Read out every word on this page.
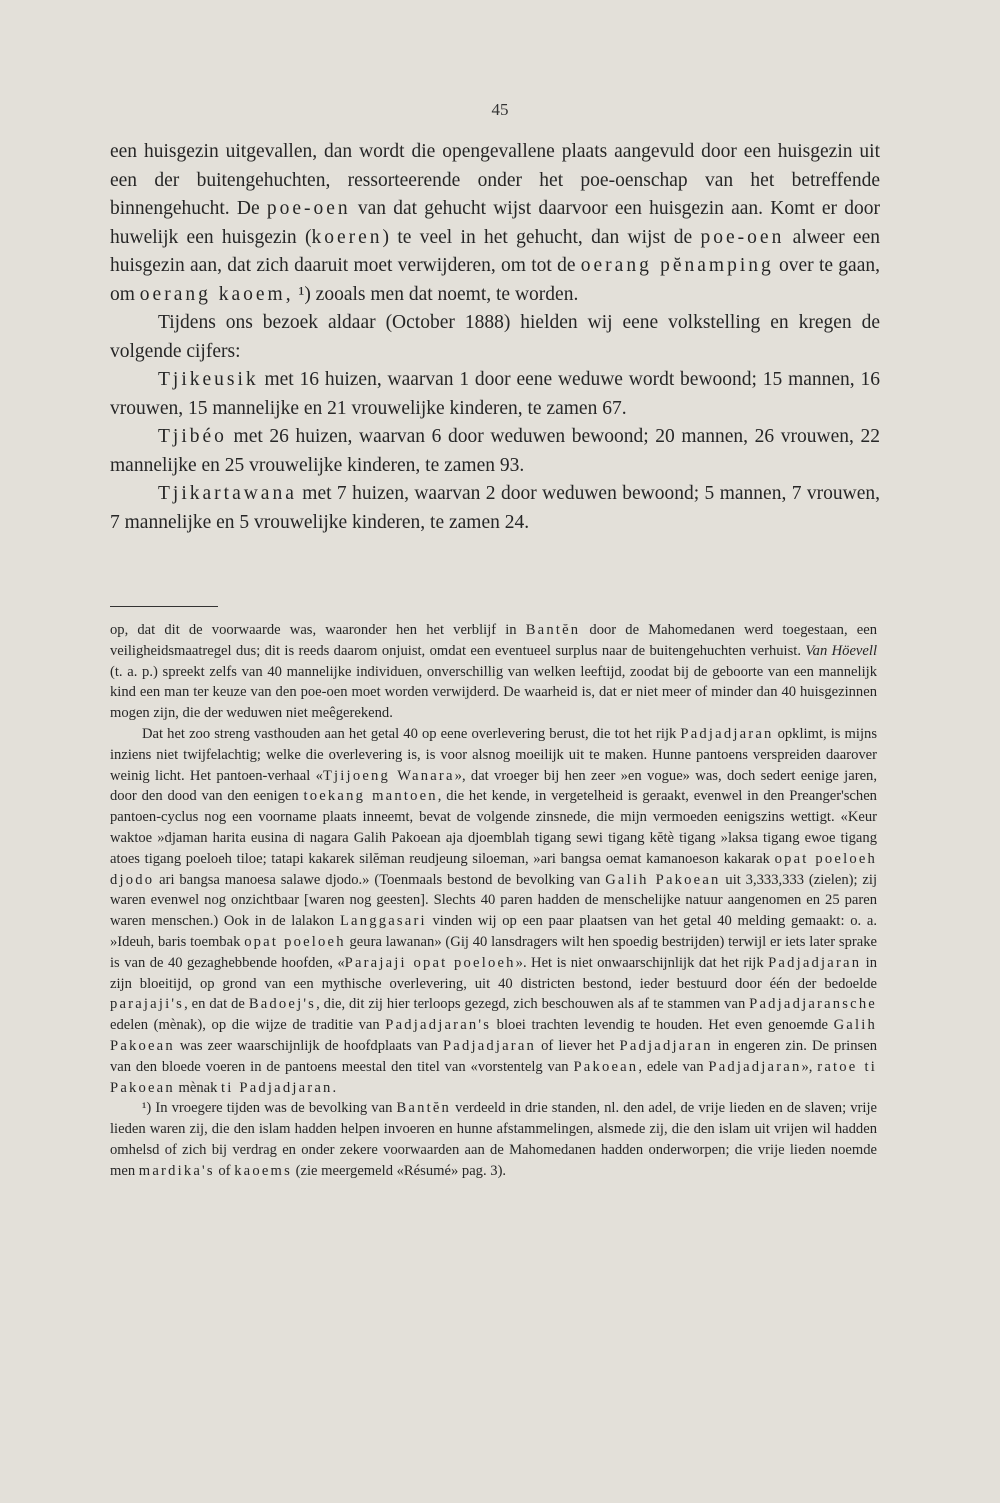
45

een huisgezin uitgevallen, dan wordt die opengevallene plaats aangevuld door een huisgezin uit een der buitengehuchten, ressorteerende onder het poe-oenschap van het betreffende binnengehucht. De poe-oen van dat gehucht wijst daarvoor een huisgezin aan. Komt er door huwelijk een huisgezin (koeren) te veel in het gehucht, dan wijst de poe-oen alweer een huisgezin aan, dat zich daaruit moet verwijderen, om tot de oerang pĕnamping over te gaan, om oerang kaoem, ¹) zooals men dat noemt, te worden.

Tijdens ons bezoek aldaar (October 1888) hielden wij eene volkstelling en kregen de volgende cijfers:

Tjikeusik met 16 huizen, waarvan 1 door eene weduwe wordt bewoond; 15 mannen, 16 vrouwen, 15 mannelijke en 21 vrouwelijke kinderen, te zamen 67.

Tjibéo met 26 huizen, waarvan 6 door weduwen bewoond; 20 mannen, 26 vrouwen, 22 mannelijke en 25 vrouwelijke kinderen, te zamen 93.

Tjikartawana met 7 huizen, waarvan 2 door weduwen bewoond; 5 mannen, 7 vrouwen, 7 mannelijke en 5 vrouwelijke kinderen, te zamen 24.

op, dat dit de voorwaarde was, waaronder hen het verblijf in Bantĕn door de Mahomedanen werd toegestaan, een veiligheidsmaatregel dus; dit is reeds daarom onjuist, omdat een eventueel surplus naar de buitengehuchten verhuist. Van Höevell (t. a. p.) spreekt zelfs van 40 mannelijke individuen, onverschillig van welken leeftijd, zoodat bij de geboorte van een mannelijk kind een man ter keuze van den poe-oen moet worden verwijderd. De waarheid is, dat er niet meer of minder dan 40 huisgezinnen mogen zijn, die der weduwen niet meêgerekend.

Dat het zoo streng vasthouden aan het getal 40 op eene overlevering berust, die tot het rijk Padjadjaran opklimt, is mijns inziens niet twijfelachtig; welke die overlevering is, is voor alsnog moeilijk uit te maken. Hunne pantoens verspreiden daarover weinig licht. Het pantoen-verhaal «Tjijoeng Wanara», dat vroeger bij hen zeer »en vogue» was, doch sedert eenige jaren, door den dood van den eenigen toekang mantoen, die het kende, in vergetelheid is geraakt, evenwel in den Preanger'schen pantoen-cyclus nog een voorname plaats inneemt, bevat de volgende zinsnede, die mijn vermoeden eenigszins wettigt. «Keur waktoe »djaman harita eusina di nagara Galih Pakoean aja djoemblah tigang sewi tigang kĕtè tigang »laksa tigang ewoe tigang atoes tigang poeloeh tiloe; tatapi kakarek silĕman reudjeung siloeman, »ari bangsa oemat kamanoeson kakarak opat poeloeh djodo ari bangsa manoesa salawe djodo.» (Toenmaals bestond de bevolking van Galih Pakoean uit 3,333,333 (zielen); zij waren evenwel nog onzichtbaar [waren nog geesten]. Slechts 40 paren hadden de menschelijke natuur aangenomen en 25 paren waren menschen.) Ook in de lalakon Langgasari vinden wij op een paar plaatsen van het getal 40 melding gemaakt: o. a. »Ideuh, baris toembak opat poeloeh geura lawanan» (Gij 40 lansdragers wilt hen spoedig bestrijden) terwijl er iets later sprake is van de 40 gezaghebbende hoofden, «Parajaji opat poeloeh». Het is niet onwaarschijnlijk dat het rijk Padjadjaran in zijn bloeitijd, op grond van een mythische overlevering, uit 40 districten bestond, ieder bestuurd door één der bedoelde parajaji's, en dat de Badoej's, die, dit zij hier terloops gezegd, zich beschouwen als af te stammen van Padjadjaransche edelen (mènak), op die wijze de traditie van Padjadjaran's bloei trachten levendig te houden. Het even genoemde Galih Pakoean was zeer waarschijnlijk de hoofdplaats van Padjadjaran of liever het Padjadjaran in engeren zin. De prinsen van den bloede voeren in de pantoens meestal den titel van «vorstentelg van Pakoean, edele van Padjadjaran», ratoe ti Pakoean mènak ti Padjadjaran.

¹) In vroegere tijden was de bevolking van Bantĕn verdeeld in drie standen, nl. den adel, de vrije lieden en de slaven; vrije lieden waren zij, die den islam hadden helpen invoeren en hunne afstammelingen, alsmede zij, die den islam uit vrijen wil hadden omhelsd of zich bij verdrag en onder zekere voorwaarden aan de Mahomedanen hadden onderworpen; die vrije lieden noemde men mardika's of kaoems (zie meergemeld «Résumé» pag. 3).
